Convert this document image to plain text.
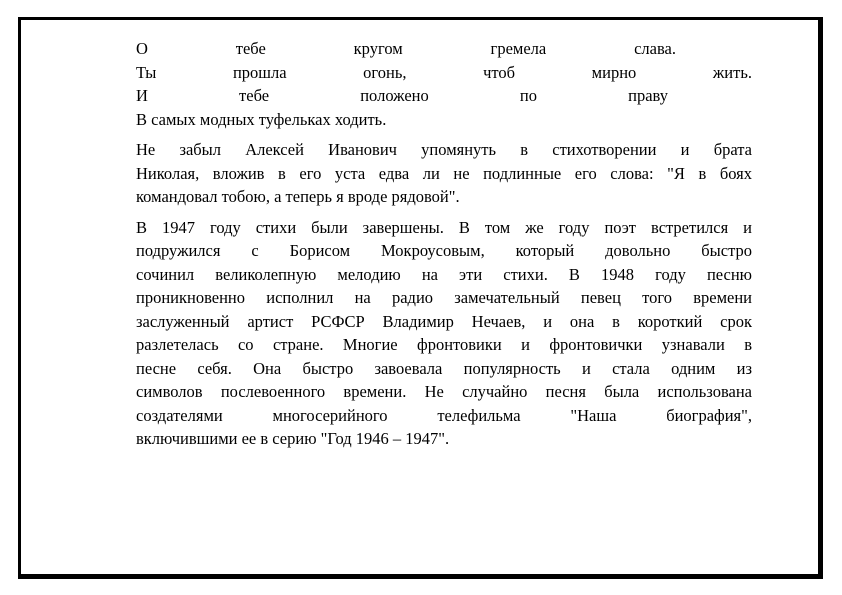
О тебе кругом гремела слава.
Ты прошла огонь, чтоб мирно жить.
И тебе положено по праву
В самых модных туфельках ходить.
Не забыл Алексей Иванович упомянуть в стихотворении и брата
Николая, вложив в его уста едва ли не подлинные его слова: "Я в боях
командовал тобою, а теперь я вроде рядовой".
В 1947 году стихи были завершены. В том же году поэт встретился и
подружился с Борисом Мокроусовым, который довольно быстро
сочинил великолепную мелодию на эти стихи. В 1948 году песню
проникновенно исполнил на радио замечательный певец того времени
заслуженный артист РСФСР Владимир Нечаев, и она в короткий срок
разлетелась со стране. Многие фронтовики и фронтовички узнавали в
песне себя. Она быстро завоевала популярность и стала одним из
символов послевоенного времени. Не случайно песня была использована
создателями многосерийного телефильма "Наша биография",
включившими ее в серию "Год 1946 – 1947".
